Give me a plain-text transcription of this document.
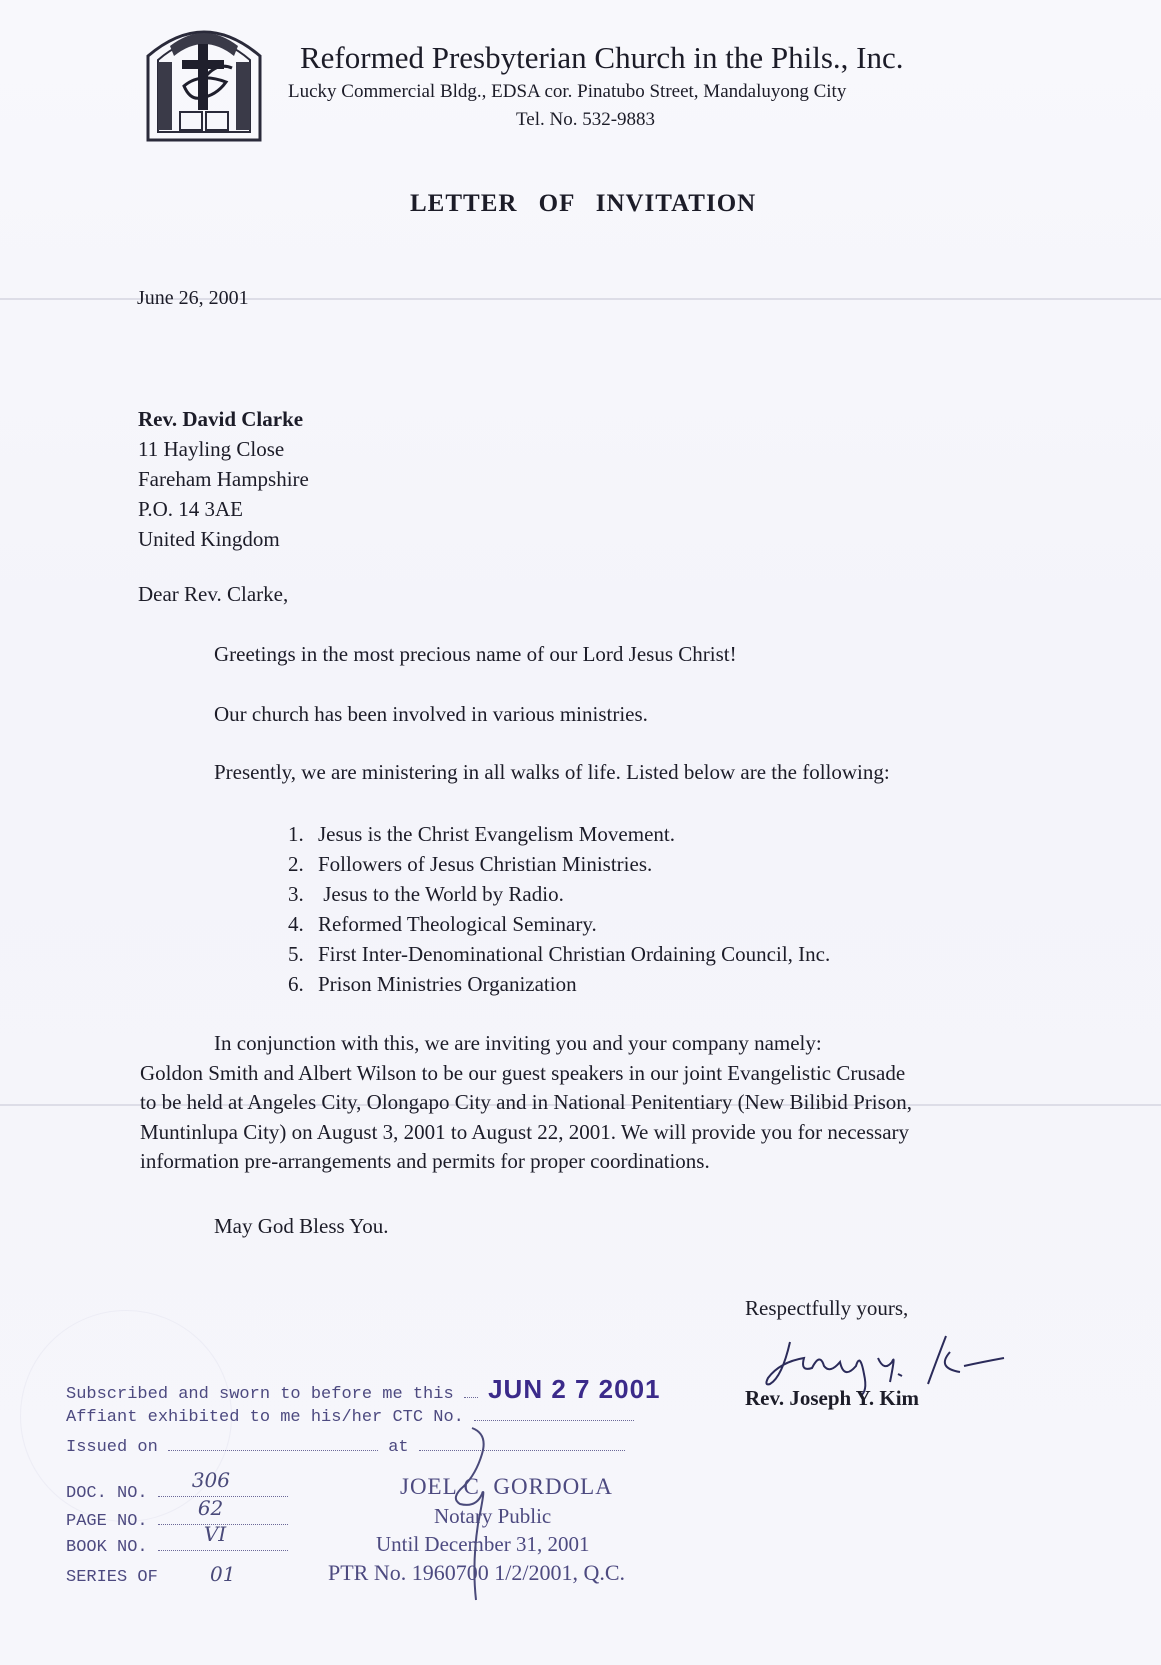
Reformed Presbyterian Church in the Phils., Inc.
Lucky Commercial Bldg., EDSA cor. Pinatubo Street, Mandaluyong City
Tel. No. 532-9883
LETTER OF INVITATION
June 26, 2001
Rev. David Clarke
11 Hayling Close
Fareham Hampshire
P.O. 14 3AE
United Kingdom
Dear Rev. Clarke,
Greetings in the most precious name of our Lord Jesus Christ!
Our church has been involved in various ministries.
Presently, we are ministering in all walks of life. Listed below are the following:
1. Jesus is the Christ Evangelism Movement.
2. Followers of Jesus Christian Ministries.
3. Jesus to the World by Radio.
4. Reformed Theological Seminary.
5. First Inter-Denominational Christian Ordaining Council, Inc.
6. Prison Ministries Organization
In conjunction with this, we are inviting you and your company namely:
Goldon Smith and Albert Wilson to be our guest speakers in our joint Evangelistic Crusade
to be held at Angeles City, Olongapo City and in National Penitentiary (New Bilibid Prison,
Muntinlupa City) on August 3, 2001 to August 22, 2001. We will provide you for necessary
information pre-arrangements and permits for proper coordinations.
May God Bless You.
Respectfully yours,
Rev. Joseph Y. Kim
Subscribed and sworn to before me this JUN 2 7 2001
Affiant exhibited to me his/her CTC No.
Issued on	at
DOC. NO.
306
PAGE NO.
62
BOOK NO.
VI
SERIES OF	01
JOEL C. GORDOLA
Notary Public
Until December 31, 2001
PTR No. 1960700 1/2/2001, Q.C.
